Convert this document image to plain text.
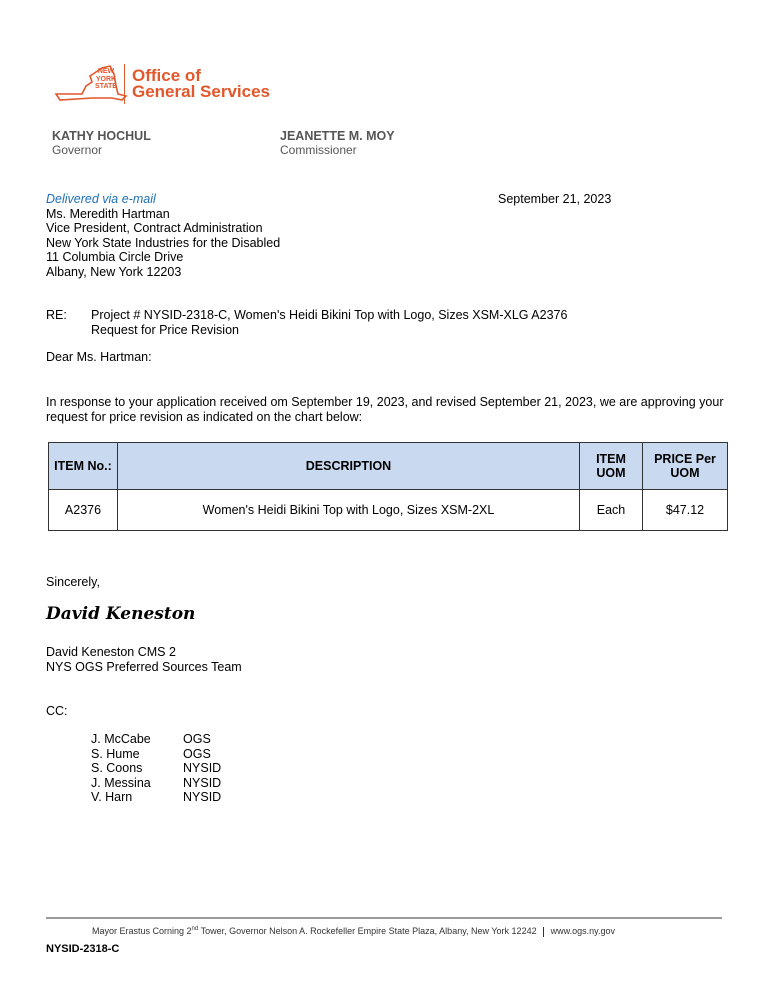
NEW
YORK
STATE
Office of
General Services
KATHY HOCHUL
Governor
JEANETTE M. MOY
Commissioner
Delivered via e-mail
Ms. Meredith Hartman
Vice President, Contract Administration
New York State Industries for the Disabled
11 Columbia Circle Drive
Albany, New York 12203
September 21, 2023
RE:	Project # NYSID-2318-C, Women's Heidi Bikini Top with Logo, Sizes XSM-XLG A2376
Request for Price Revision
Dear Ms. Hartman:
In response to your application received om September 19, 2023, and revised September 21, 2023, we are approving your request for price revision as indicated on the chart below:
ITEM No.:	DESCRIPTION	ITEM UOM	PRICE Per UOM
A2376	Women's Heidi Bikini Top with Logo, Sizes XSM-2XL	Each	$47.12
Sincerely,
David Keneston
David Keneston CMS 2
NYS OGS Preferred Sources Team
CC:
J. McCabe	OGS
S. Hume	OGS
S. Coons	NYSID
J. Messina	NYSID
V. Harn	NYSID
Mayor Erastus Corning 2nd Tower, Governor Nelson A. Rockefeller Empire State Plaza, Albany, New York 12242 www.ogs.ny.gov
NYSID-2318-C
